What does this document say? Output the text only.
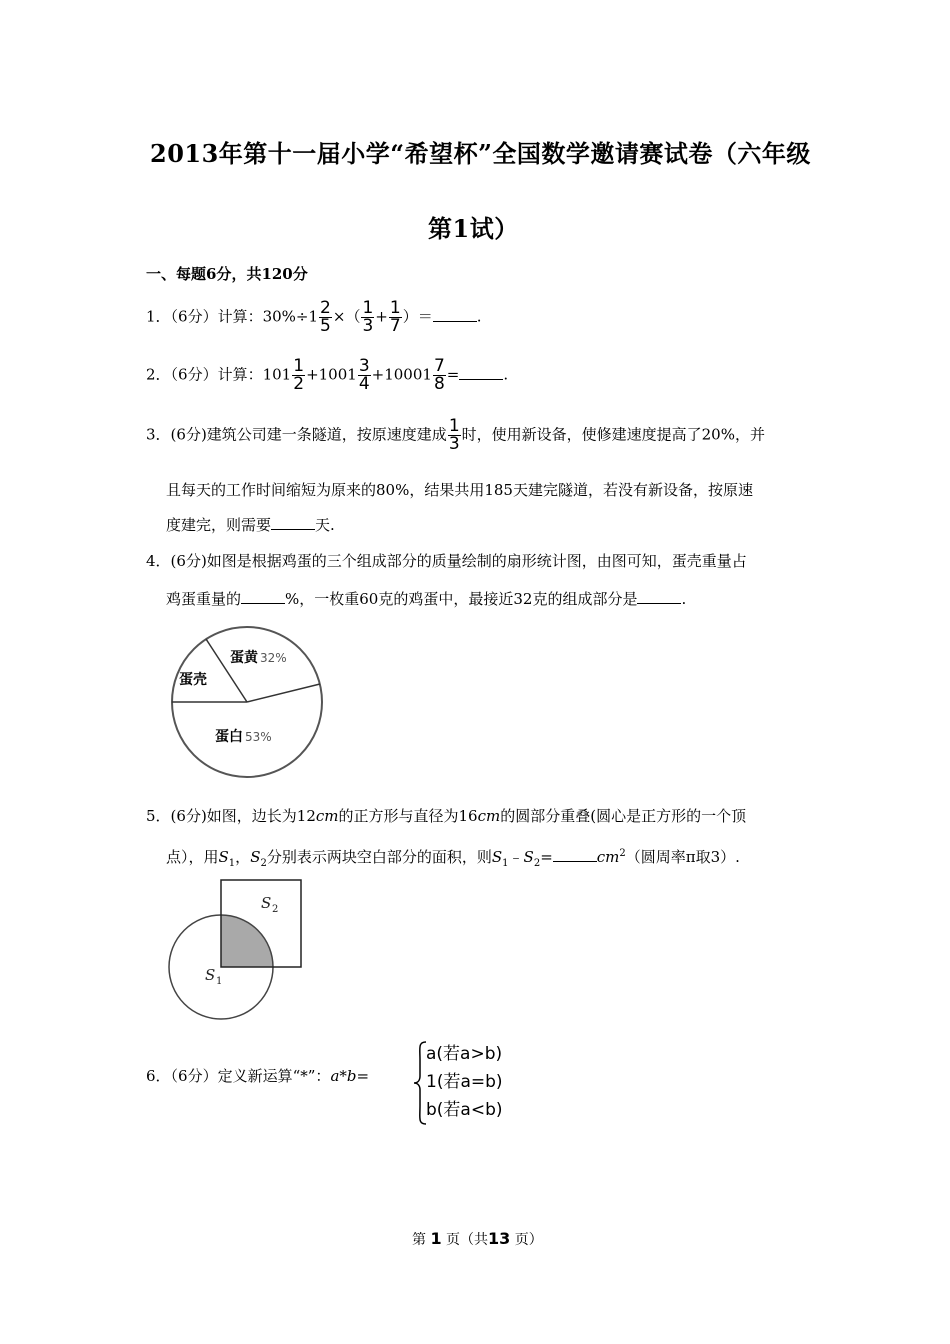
2013年第十一届小学“希望杯”全国数学邀请赛试卷（六年级
第1试）
一、每题6分，共120分
1．（6分）计算：$30\%\div 1 \frac{2}{5}$ ×（ $\frac{1}{3} + \frac{1}{7}$ ）＝	.
2．（6分）计算：$101 \frac{1}{2} +1001 \frac{3}{4} +10001 \frac{7}{8}$ =	.
3．(6分)建筑公司建一条隧道，按原速度建成 $\frac{1}{3}$ 时，使用新设备，使修建速度提高了20%，并
且每天的工作时间缩短为原来的80%，结果共用185天建完隧道，若没有新设备，按原速
度建完，则需要	天.
4．(6分)如图是根据鸡蛋的三个组成部分的质量绘制的扇形统计图，由图可知，蛋壳重量占
鸡蛋重量的	%，一枚重60克的鸡蛋中，最接近32克的组成部分是	.
蛋黄 32%
蛋壳
蛋白 53%
5．(6分)如图，边长为12cm的正方形与直径为16cm的圆部分重叠(圆心是正方形的一个顶
点），用$S_1$，$S_2$分别表示两块空白部分的面积，则$S_1﹣S_2=$	$cm^2$（圆周率π取3）.
S 1
S 2
6．（6分）定义新运算“*”：a*b=
a(若a>b)
1(若a=b)
b(若a<b)
第 1 页（共13 页）
